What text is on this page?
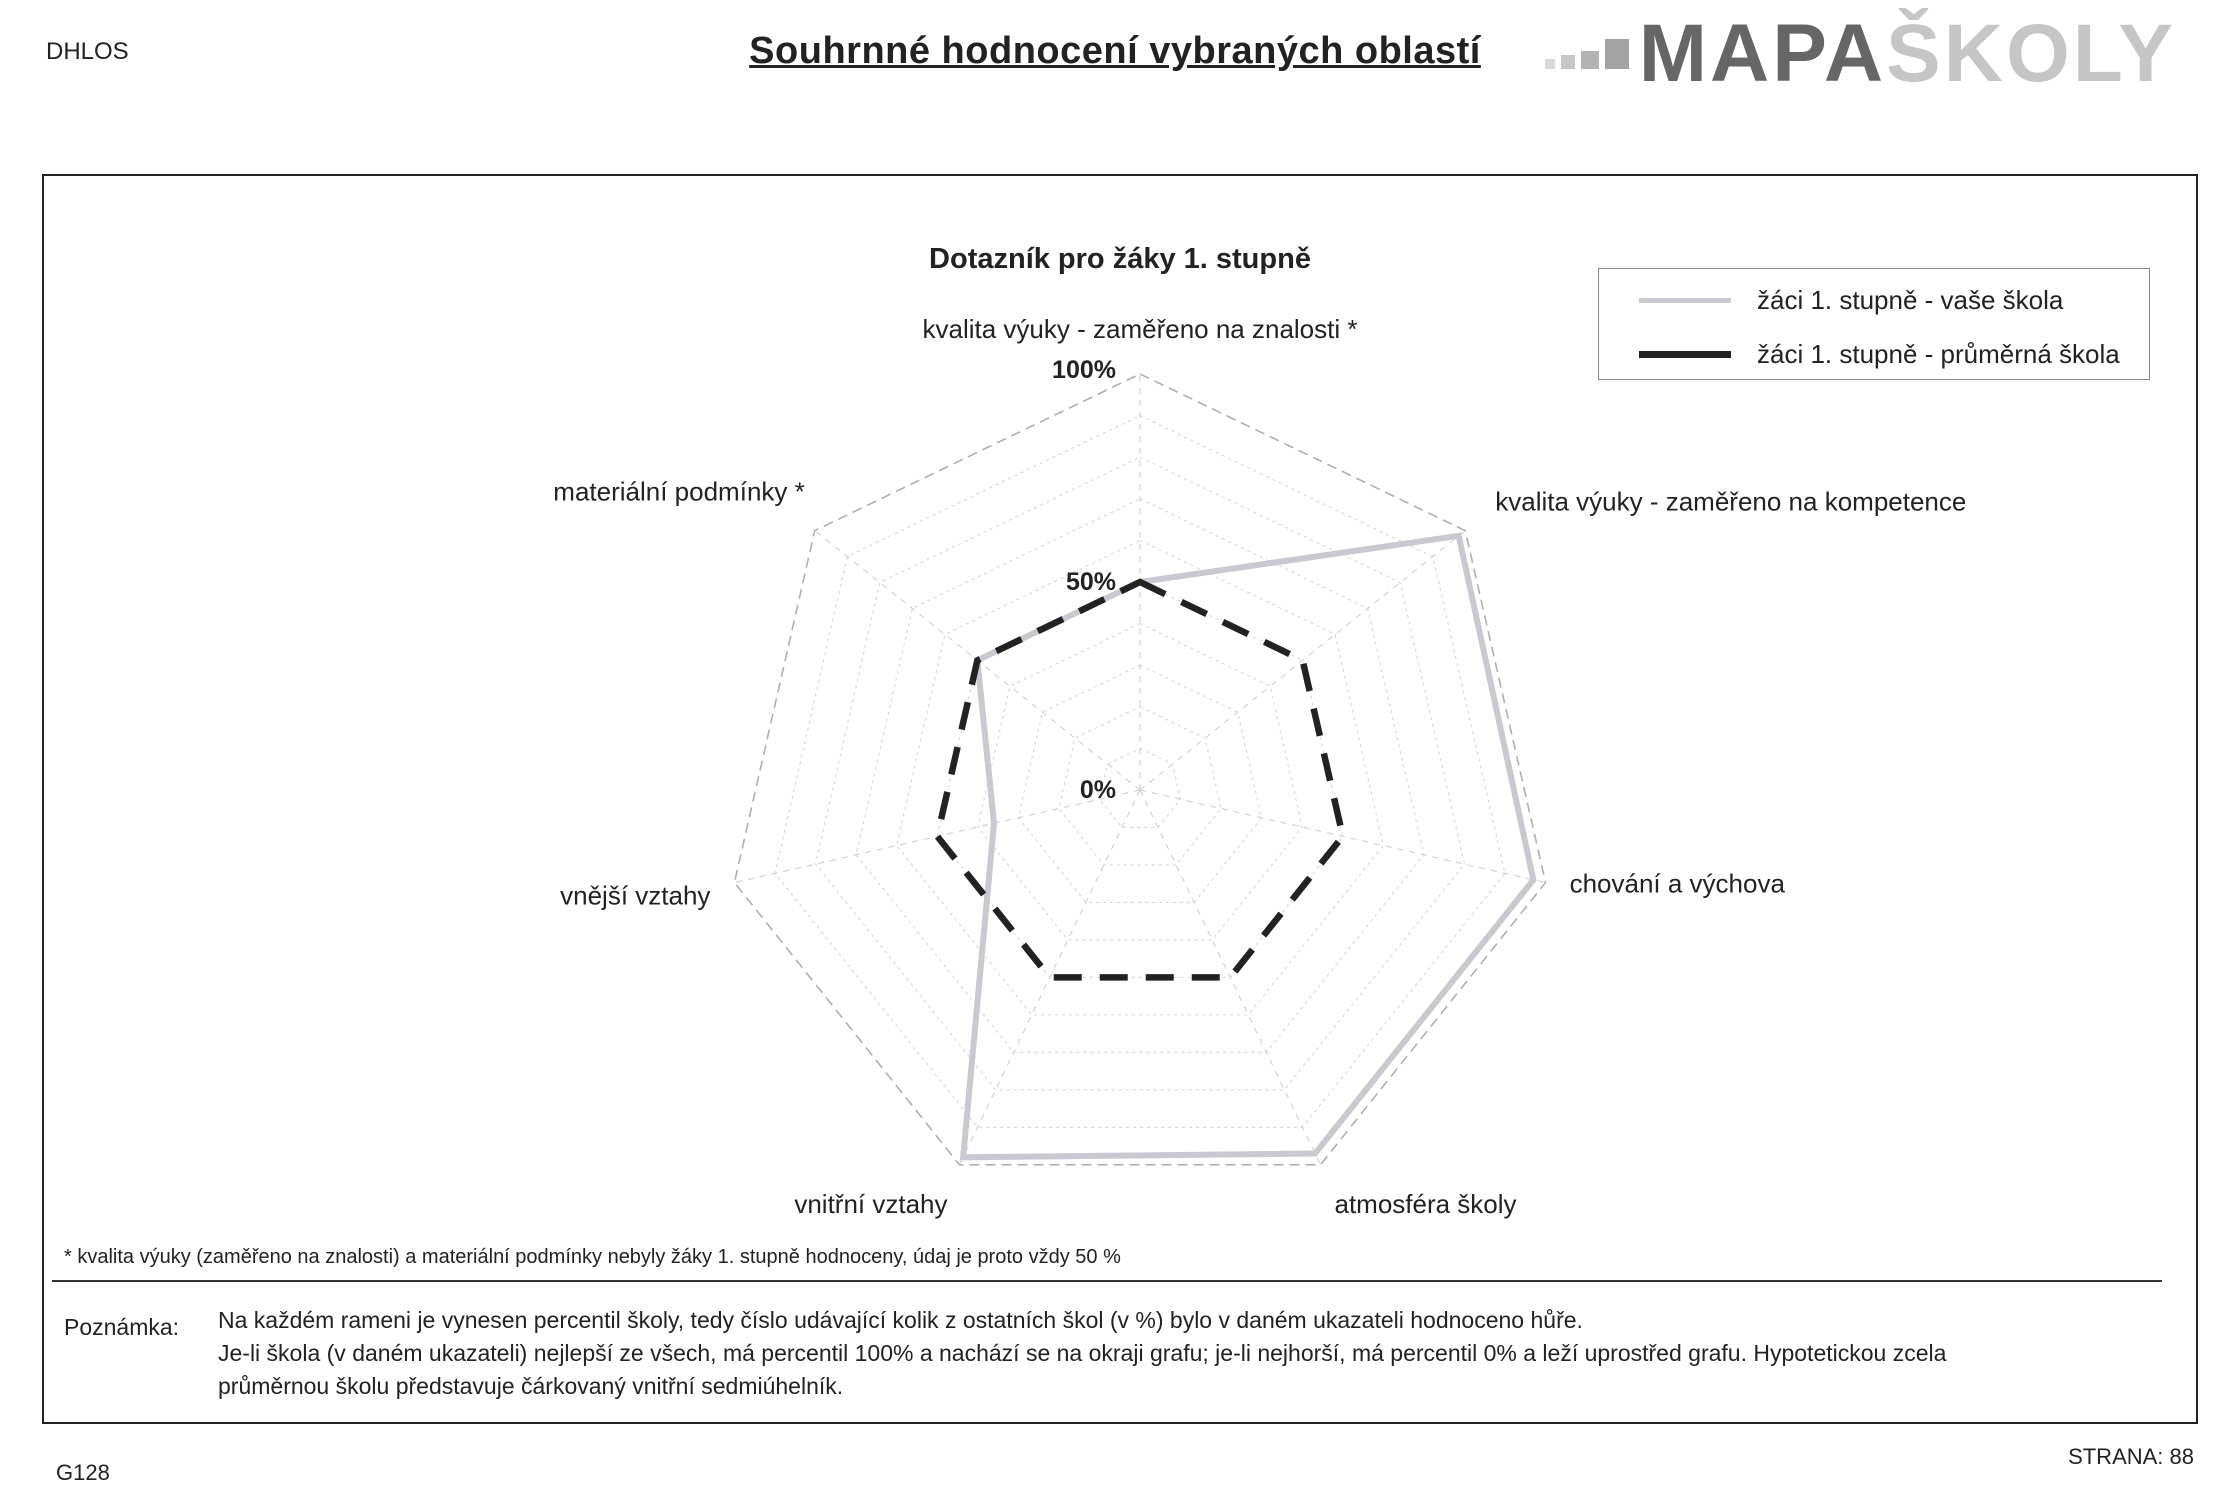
DHLOS	Souhrnné hodnocení vybraných oblastí	MAPA ŠKOLY
Dotazník pro žáky 1. stupně
0%
50%
100%
kvalita výuky - zaměřeno na znalosti *
kvalita výuky - zaměřeno na kompetence
chování a výchova
atmosféra školy
vnitřní vztahy
vnější vztahy
materiální podmínky *
žáci 1. stupně - vaše škola
žáci 1. stupně - průměrná škola
* kvalita výuky (zaměřeno na znalosti) a materiální podmínky nebyly žáky 1. stupně hodnoceny, údaj je proto vždy 50 %
Poznámka: Na každém rameni je vynesen percentil školy, tedy číslo udávající kolik z ostatních škol (v %) bylo v daném ukazateli hodnoceno hůře.
Je-li škola (v daném ukazateli) nejlepší ze všech, má percentil 100% a nachází se na okraji grafu; je-li nejhorší, má percentil 0% a leží uprostřed grafu. Hypotetickou zcela
průměrnou školu představuje čárkovaný vnitřní sedmiúhelník.
G128
STRANA: 88
